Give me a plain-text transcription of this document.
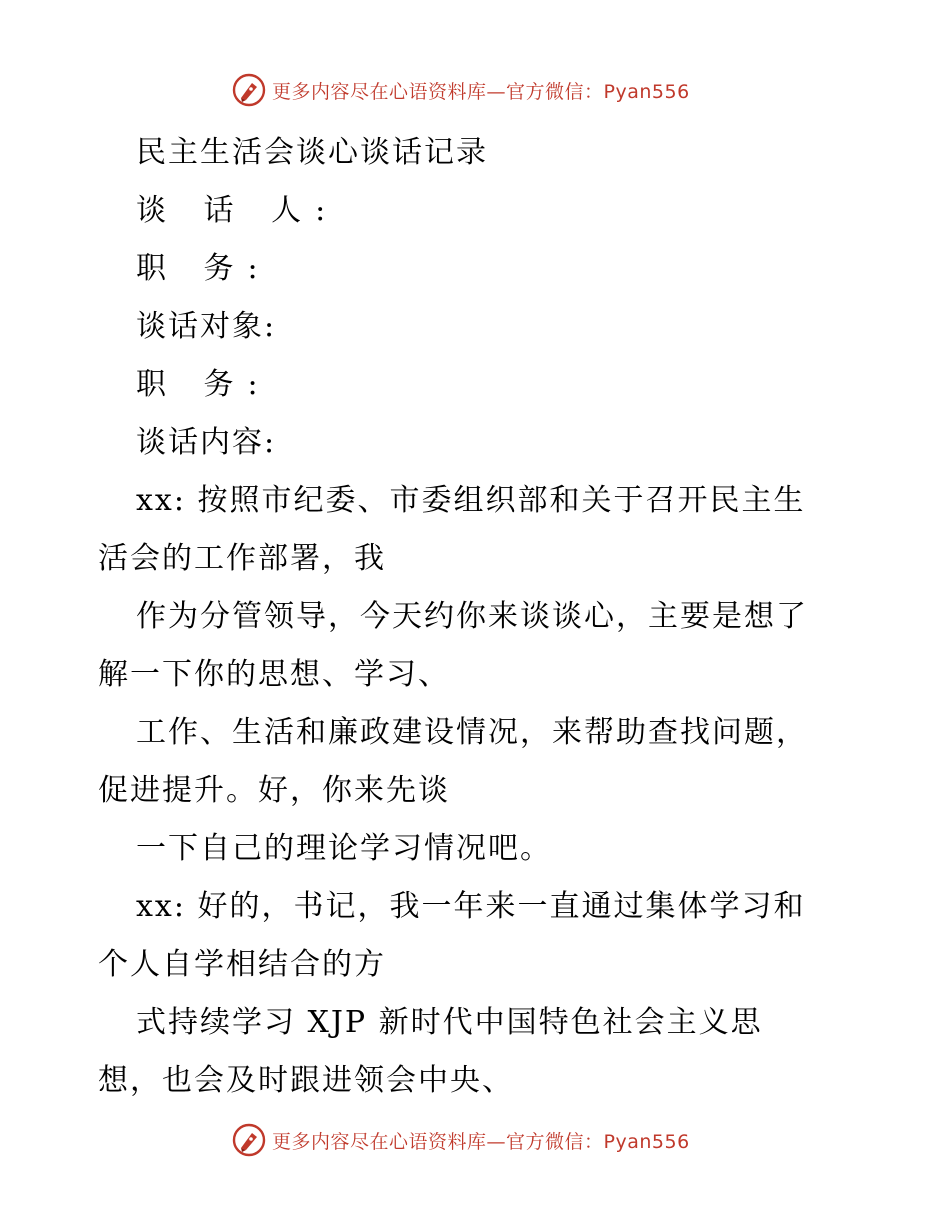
更多内容尽在心语资料库—官方微信：Pyan556
民主生活会谈心谈话记录
谈 话 人:
职 务:
谈话对象:
职 务:
谈话内容:
xx: 按照市纪委、市委组织部和关于召开民主生
活会的工作部署，我
作为分管领导，今天约你来谈谈心，主要是想了
解一下你的思想、学习、
工作、生活和廉政建设情况，来帮助查找问题，
促进提升。好，你来先谈
一下自己的理论学习情况吧。
xx: 好的，书记，我一年来一直通过集体学习和
个人自学相结合的方
式持续学习 XJP 新时代中国特色社会主义思
想，也会及时跟进领会中央、
更多内容尽在心语资料库—官方微信：Pyan556
